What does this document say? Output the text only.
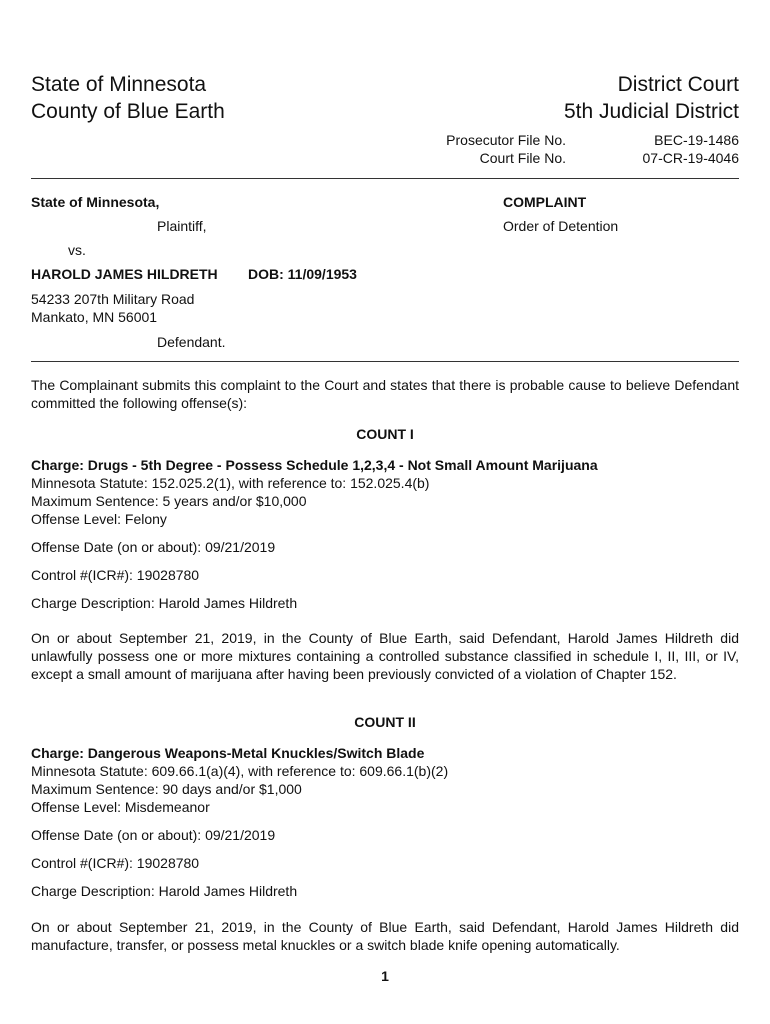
State of Minnesota
County of Blue Earth
District Court
5th Judicial District
Prosecutor File No.	BEC-19-1486
Court File No.	07-CR-19-4046
State of Minnesota,
Plaintiff,
vs.
HAROLD JAMES HILDRETH DOB: 11/09/1953
54233 207th Military Road
Mankato, MN 56001
Defendant.
COMPLAINT
Order of Detention
The Complainant submits this complaint to the Court and states that there is probable cause to believe Defendant committed the following offense(s):
COUNT I
Charge: Drugs - 5th Degree - Possess Schedule 1,2,3,4 - Not Small Amount Marijuana
Minnesota Statute: 152.025.2(1), with reference to: 152.025.4(b)
Maximum Sentence: 5 years and/or $10,000
Offense Level: Felony
Offense Date (on or about): 09/21/2019
Control #(ICR#): 19028780
Charge Description: Harold James Hildreth
On or about September 21, 2019, in the County of Blue Earth, said Defendant, Harold James Hildreth did unlawfully possess one or more mixtures containing a controlled substance classified in schedule I, II, III, or IV, except a small amount of marijuana after having been previously convicted of a violation of Chapter 152.
COUNT II
Charge: Dangerous Weapons-Metal Knuckles/Switch Blade
Minnesota Statute: 609.66.1(a)(4), with reference to: 609.66.1(b)(2)
Maximum Sentence: 90 days and/or $1,000
Offense Level: Misdemeanor
Offense Date (on or about): 09/21/2019
Control #(ICR#): 19028780
Charge Description: Harold James Hildreth
On or about September 21, 2019, in the County of Blue Earth, said Defendant, Harold James Hildreth did manufacture, transfer, or possess metal knuckles or a switch blade knife opening automatically.
1
